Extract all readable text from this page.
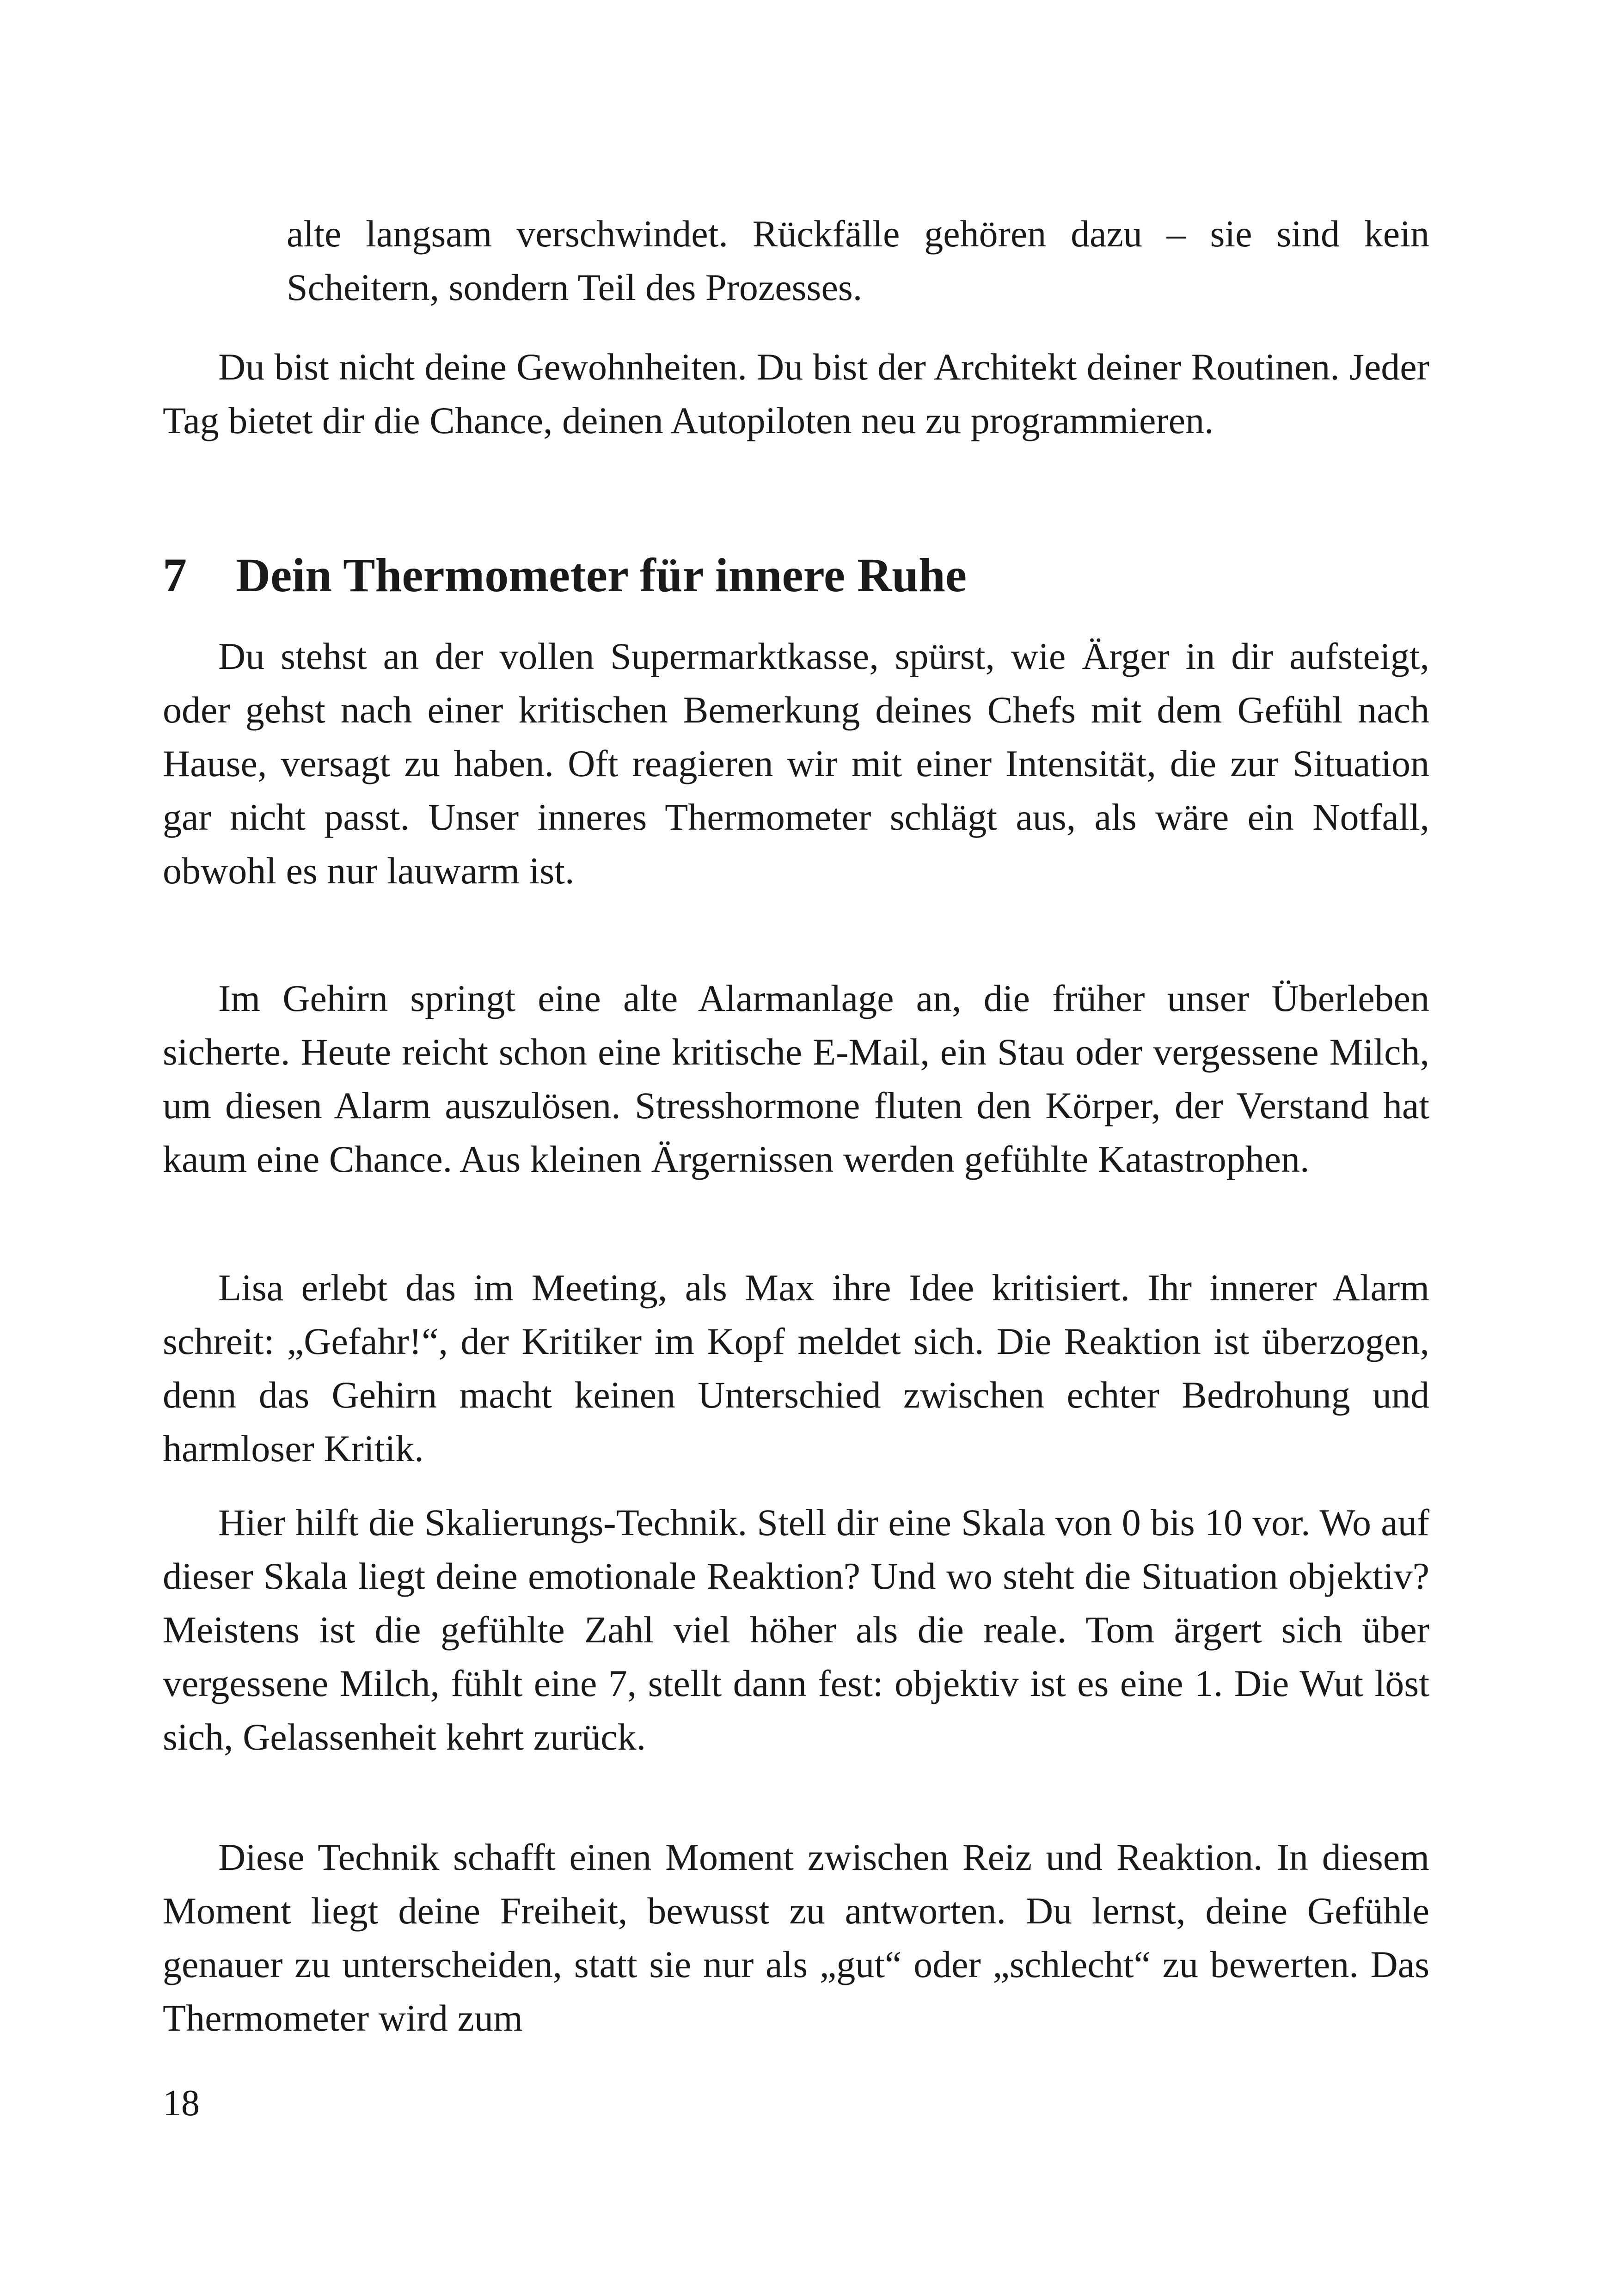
alte langsam verschwindet. Rückfälle gehören dazu – sie sind kein Scheitern, sondern Teil des Prozesses.

Du bist nicht deine Gewohnheiten. Du bist der Architekt deiner Routinen. Jeder Tag bietet dir die Chance, deinen Autopiloten neu zu programmieren.

7 Dein Thermometer für innere Ruhe

Du stehst an der vollen Supermarktkasse, spürst, wie Ärger in dir aufsteigt, oder gehst nach einer kritischen Bemerkung deines Chefs mit dem Gefühl nach Hause, versagt zu haben. Oft reagieren wir mit einer Intensität, die zur Situation gar nicht passt. Unser inneres Thermometer schlägt aus, als wäre ein Notfall, obwohl es nur lauwarm ist.

Im Gehirn springt eine alte Alarmanlage an, die früher unser Überleben sicherte. Heute reicht schon eine kritische E-Mail, ein Stau oder vergessene Milch, um diesen Alarm auszulösen. Stresshormone fluten den Körper, der Verstand hat kaum eine Chance. Aus kleinen Ärgernissen werden gefühlte Katastrophen.

Lisa erlebt das im Meeting, als Max ihre Idee kritisiert. Ihr innerer Alarm schreit: „Gefahr!“, der Kritiker im Kopf meldet sich. Die Reaktion ist überzogen, denn das Gehirn macht keinen Unterschied zwischen echter Bedrohung und harmloser Kritik.

Hier hilft die Skalierungs-Technik. Stell dir eine Skala von 0 bis 10 vor. Wo auf dieser Skala liegt deine emotionale Reaktion? Und wo steht die Situation objektiv? Meistens ist die gefühlte Zahl viel höher als die reale. Tom ärgert sich über vergessene Milch, fühlt eine 7, stellt dann fest: objektiv ist es eine 1. Die Wut löst sich, Gelassenheit kehrt zurück.

Diese Technik schafft einen Moment zwischen Reiz und Reaktion. In diesem Moment liegt deine Freiheit, bewusst zu antworten. Du lernst, deine Gefühle genauer zu unterscheiden, statt sie nur als „gut“ oder „schlecht“ zu bewerten. Das Thermometer wird zum

18
